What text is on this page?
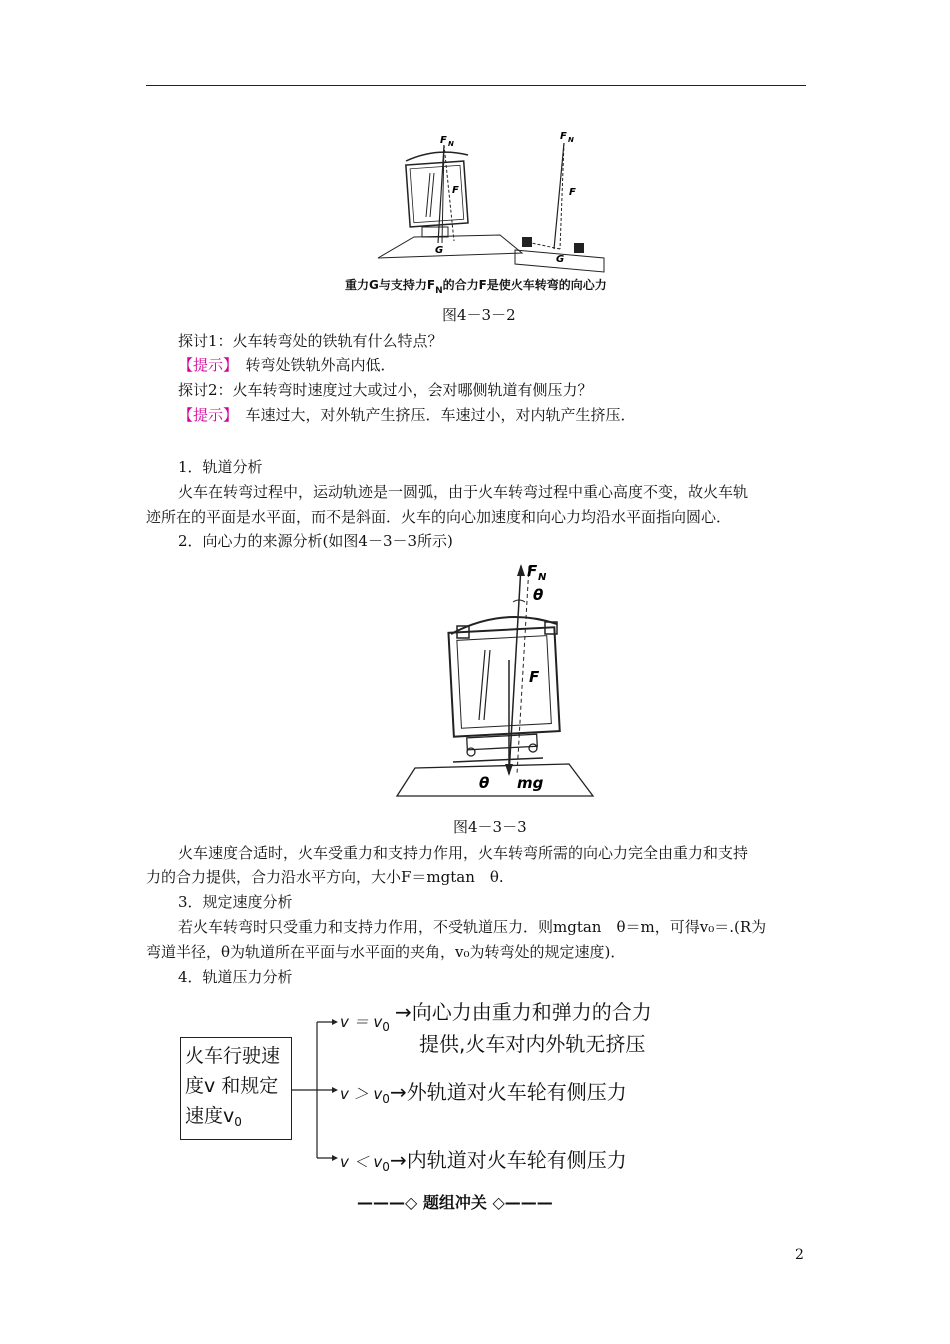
F N
F
G
F N
F
G
重力G与支持力$F_N$的合力F是使火车转弯的向心力
图4－3－2
探讨1：火车转弯处的铁轨有什么特点？
【提示】　 转弯处铁轨外高内低．
探讨2：火车转弯时速度过大或过小，会对哪侧轨道有侧压力？
【提示】　 车速过大，对外轨产生挤压．车速过小，对内轨产生挤压．
1．轨道分析
火车在转弯过程中，运动轨迹是一圆弧，由于火车转弯过程中重心高度不变，故火车轨
迹所在的平面是水平面，而不是斜面．火车的向心加速度和向心力均沿水平面指向圆心．
2．向心力的来源分析(如图4－3－3所示)
F N
θ
F
θ mg
图4－3－3
火车速度合适时，火车受重力和支持力作用，火车转弯所需的向心力完全由重力和支持
力的合力提供，合力沿水平方向，大小F＝mgtan　θ.
3．规定速度分析
若火车转弯时只受重力和支持力作用，不受轨道压力．则mgtan　θ＝m，可得v₀＝.(R为
弯道半径，θ为轨道所在平面与水平面的夹角，v₀为转弯处的规定速度)．
4．轨道压力分析
火车行驶速
度v 和规定
速度$v_0$
$v = v_0$
→向心力由重力和弹力的合力
提供,火车对内外轨无挤压
$v > v_0\to$外轨道对火车轮有侧压力
$v < v_0\to$内轨道对火车轮有侧压力
———◇ 题组冲关 ◇———
2
